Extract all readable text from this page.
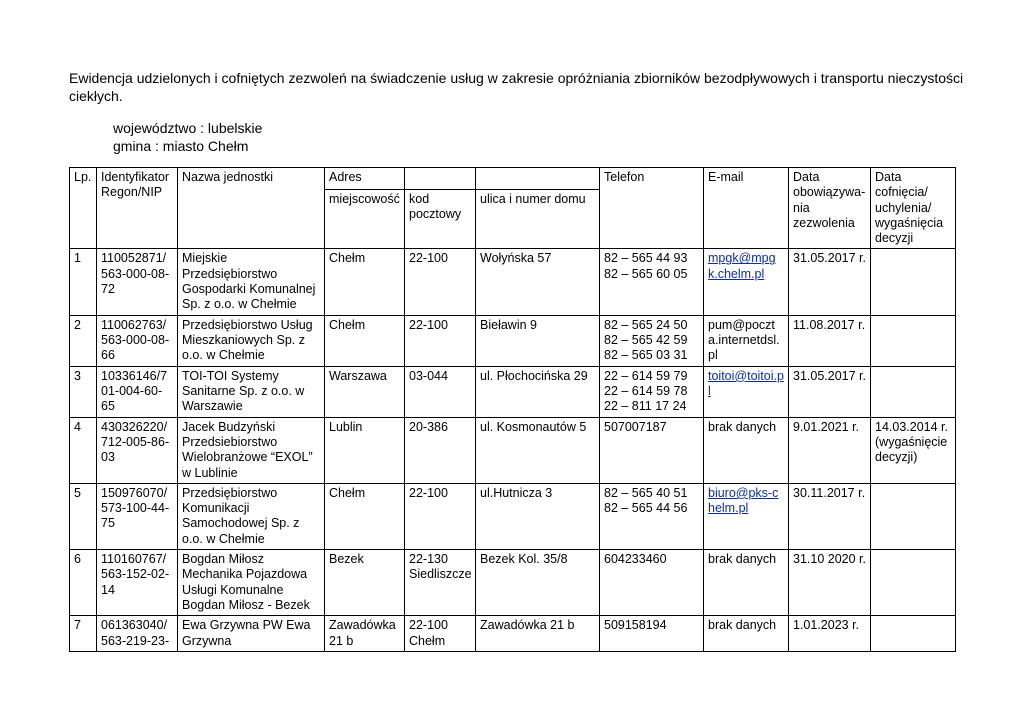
Ewidencja udzielonych i cofniętych zezwoleń na świadczenie usług w zakresie opróżniania zbiorników bezodpływowych i transportu nieczystości ciekłych.
województwo : lubelskie
gmina : miasto Chełm
Lp.	Identyfikator Regon/NIP	Nazwa jednostki	Adres			Telefon	E-mail	Data obowiązywa-nia zezwolenia	Data cofnięcia/ uchylenia/ wygaśnięcia decyzji
			miejscowość	kod pocztowy	ulica i numer domu				
1	110052871/ 563-000-08-72	Miejskie Przedsiębiorstwo Gospodarki Komunalnej Sp. z o.o. w Chełmie	Chełm	22-100	Wołyńska 57	82 – 565 44 93
82 – 565 60 05	mpgk@mpgk.chelm.pl	31.05.2017 r.	
2	110062763/ 563-000-08-66	Przedsiębiorstwo Usług Mieszkaniowych Sp. z o.o. w Chełmie	Chełm	22-100	Bieławin 9	82 – 565 24 50
82 – 565 42 59
82 – 565 03 31	pum@poczta.internetdsl.pl	11.08.2017 r.	
3	10336146/7 01-004-60-65	TOI-TOI Systemy Sanitarne Sp. z o.o. w Warszawie	Warszawa	03-044	ul. Płochocińska 29	22 – 614 59 79
22 – 614 59 78
22 – 811 17 24	toitoi@toitoi.pl	31.05.2017 r.	
4	430326220/ 712-005-86-03	Jacek Budzyński Przedsiebiorstwo Wielobranżowe “EXOL” w Lublinie	Lublin	20-386	ul. Kosmonautów 5	507007187	brak danych	9.01.2021 r.	14.03.2014 r. (wygaśnięcie decyzji)
5	150976070/ 573-100-44-75	Przedsiębiorstwo Komunikacji Samochodowej Sp. z o.o. w Chełmie	Chełm	22-100	ul.Hutnicza 3	82 – 565 40 51
82 – 565 44 56	biuro@pks-chelm.pl	30.11.2017 r.	
6	110160767/ 563-152-02-14	Bogdan Miłosz Mechanika Pojazdowa Usługi Komunalne Bogdan Miłosz - Bezek	Bezek	22-130 Siedliszcze	Bezek Kol. 35/8	604233460	brak danych	31.10 2020 r.	
7	061363040/ 563-219-23-	Ewa Grzywna PW Ewa Grzywna	Zawadówka 21 b	22-100 Chełm	Zawadówka 21 b	509158194	brak danych	1.01.2023 r.	
